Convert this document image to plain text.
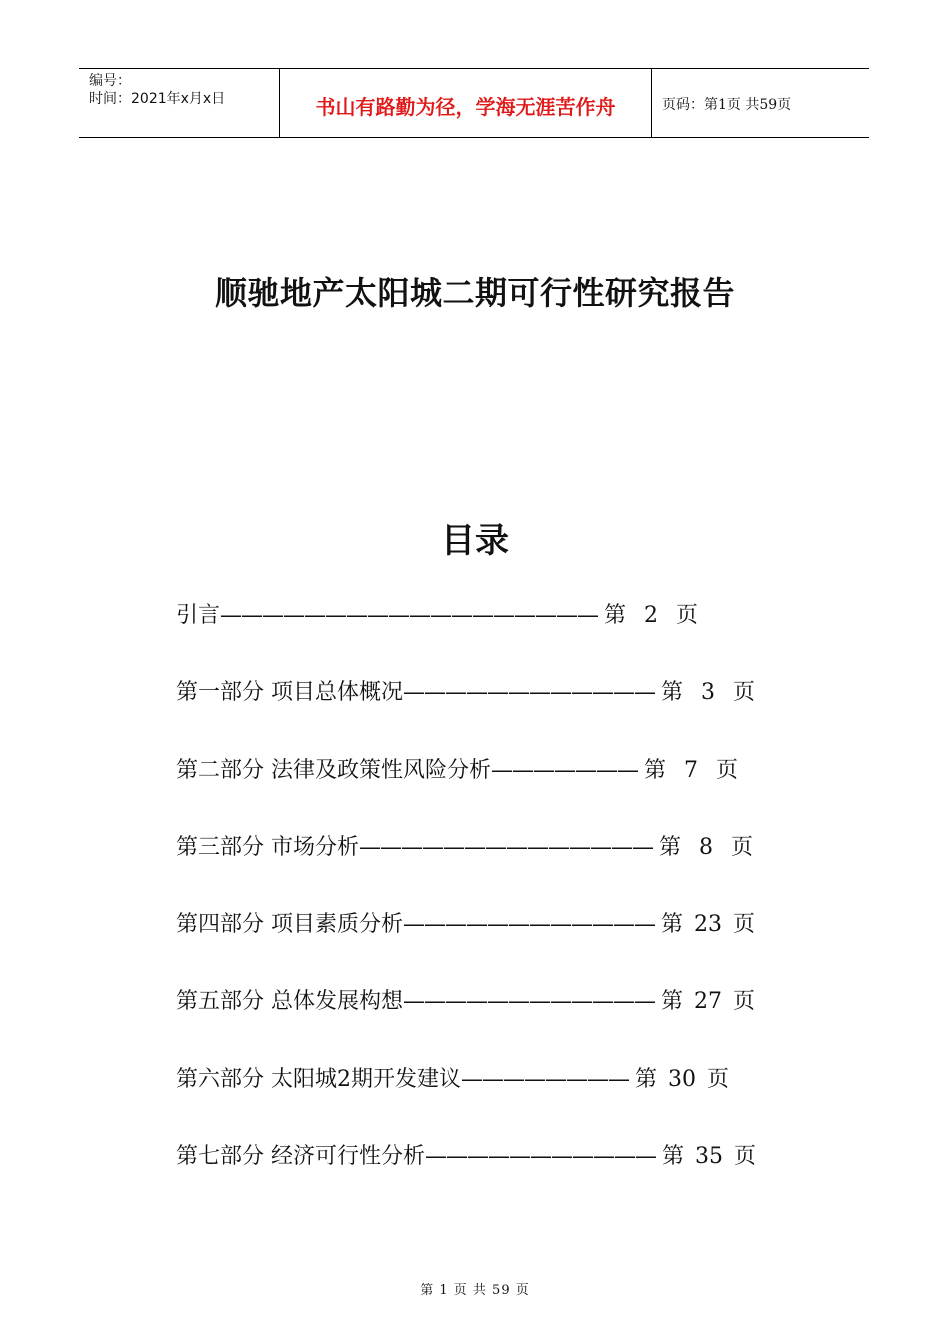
编号：
时间：2021年x月x日	书山有路勤为径，学海无涯苦作舟	页码：第1页 共59页
顺驰地产太阳城二期可行性研究报告
目录
引言 —————————————————— 第 2 页
第一部分 项目总体概况 ———————————— 第 3 页
第二部分 法律及政策性风险分析 ——————— 第 7 页
第三部分 市场分析 —————————————— 第 8 页
第四部分 项目素质分析 ———————————— 第 23 页
第五部分 总体发展构想 ———————————— 第 27 页
第六部分 太阳城2期开发建议 ———————— 第 30 页
第七部分 经济可行性分析 ——————————— 第 35 页
第 1 页 共 59 页
